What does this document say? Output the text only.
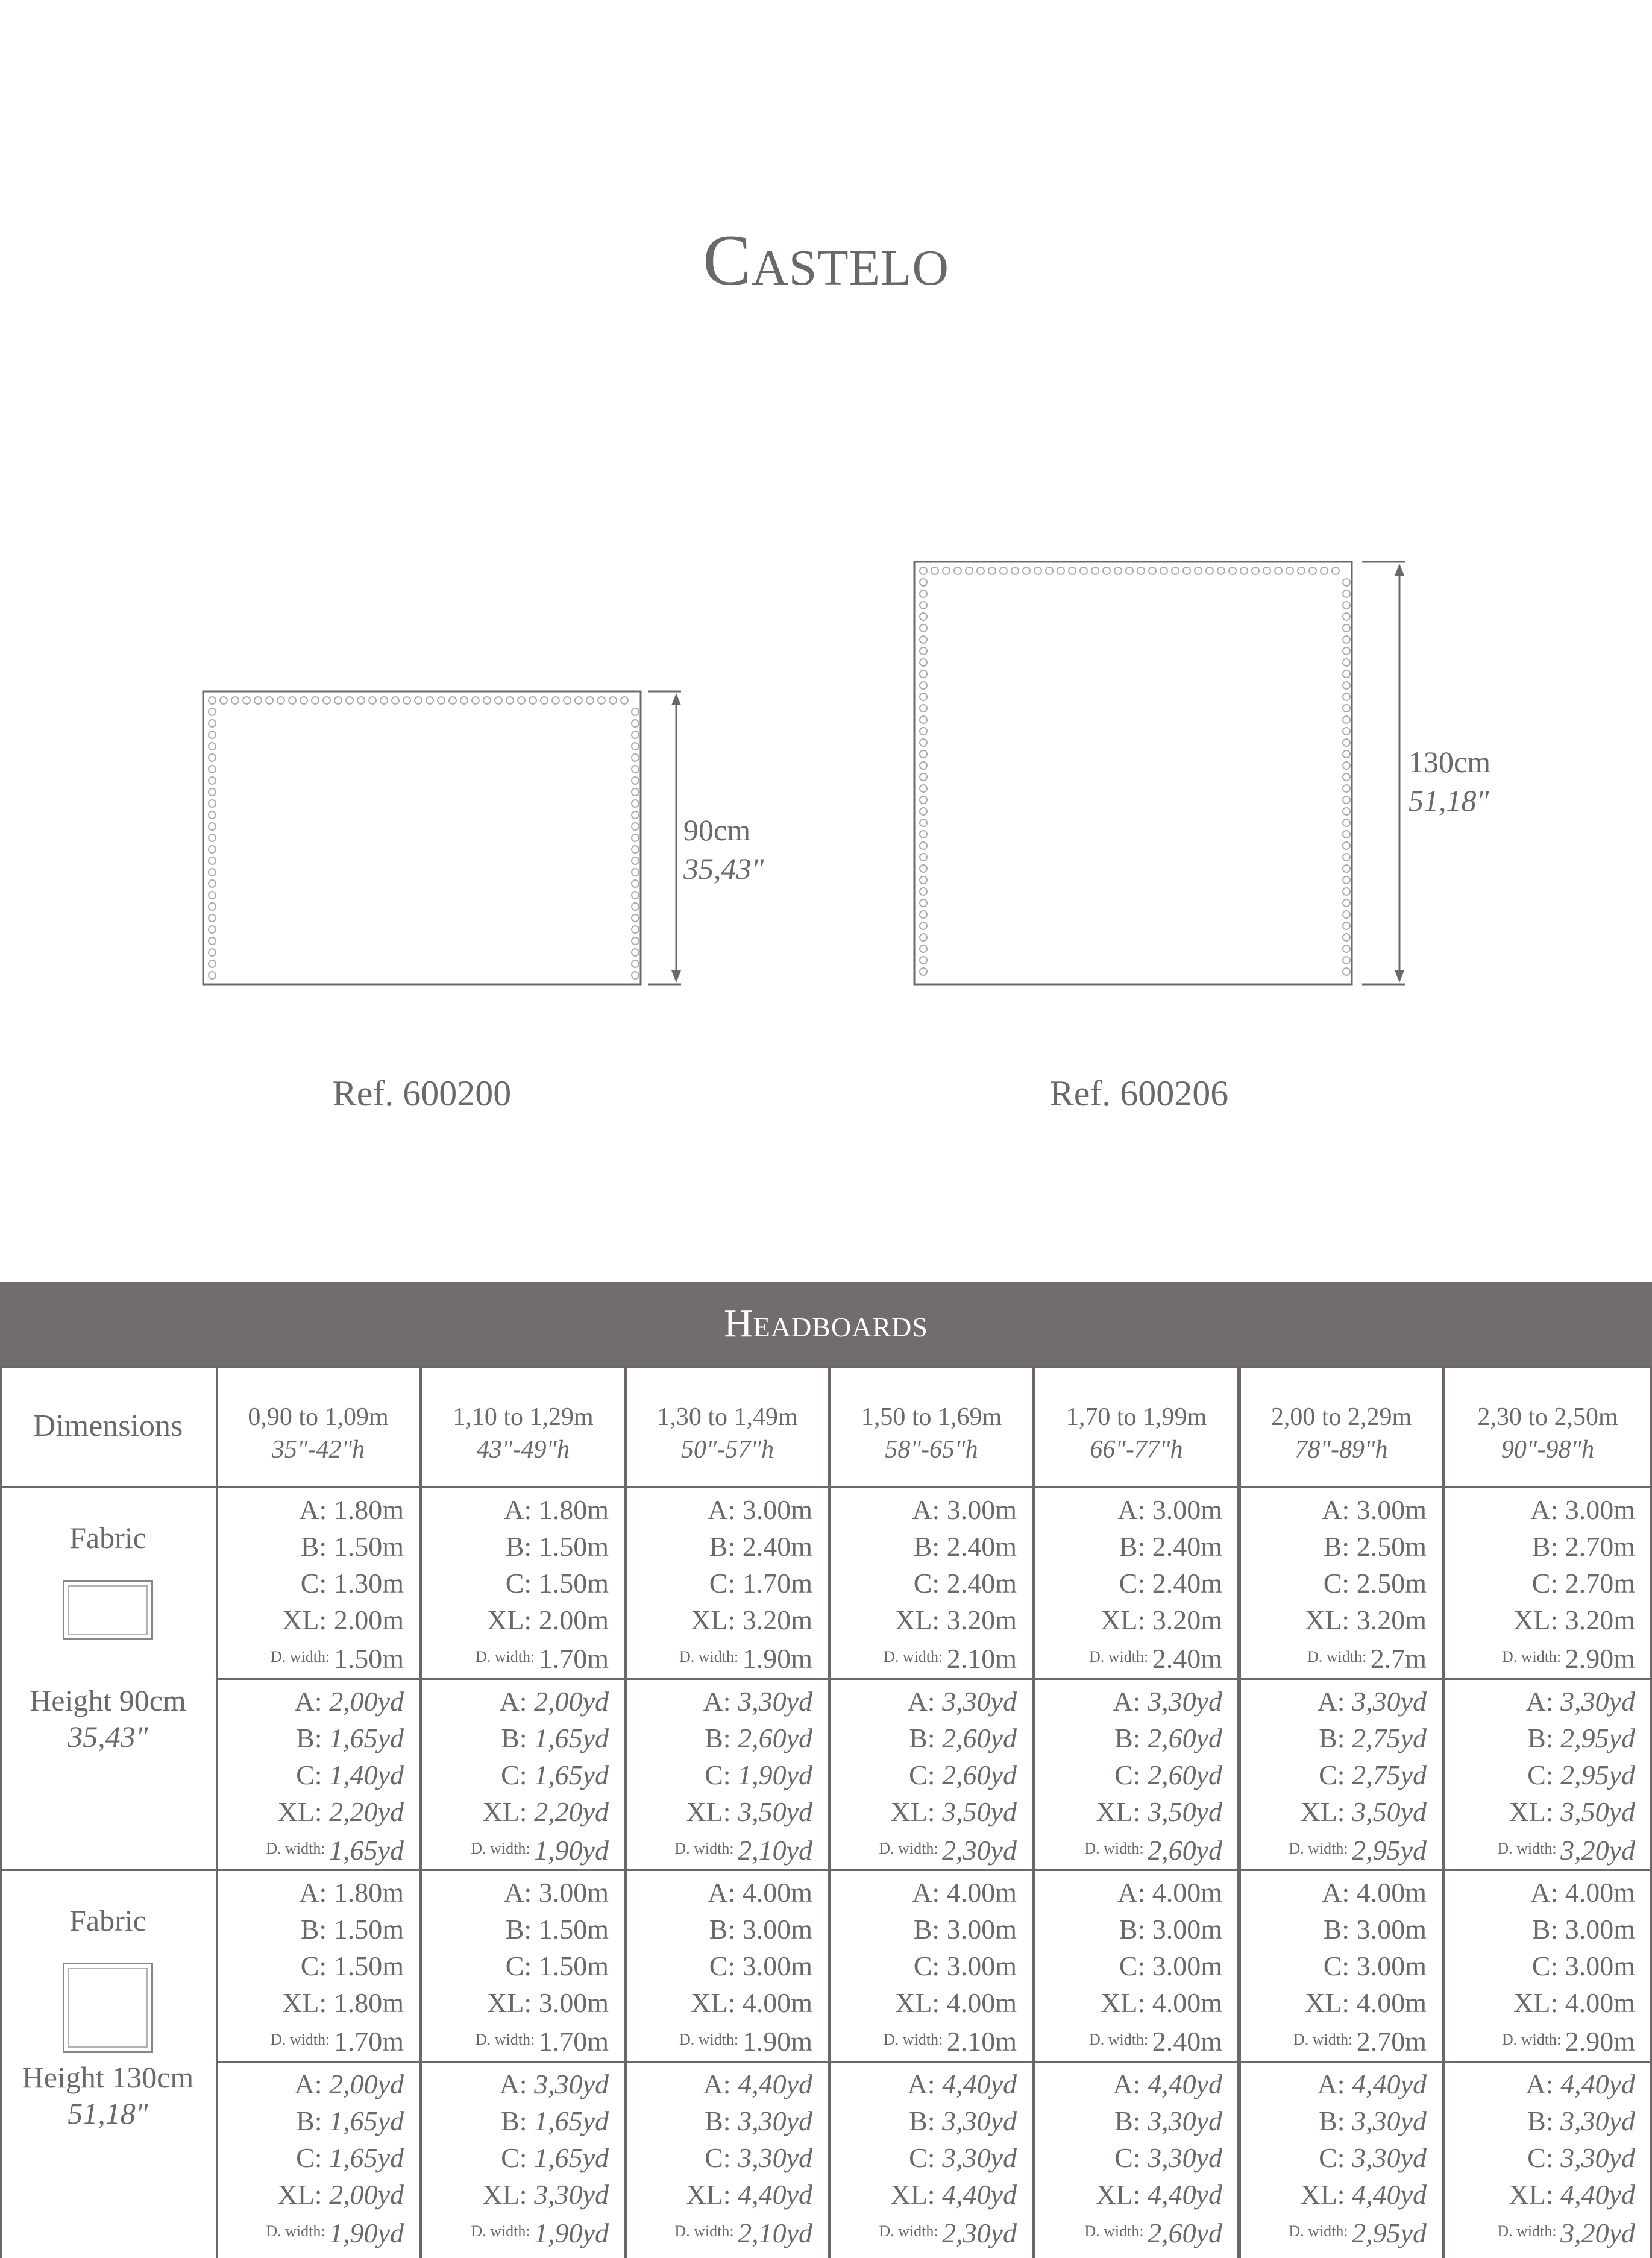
Castelo
90cm
35,43"
Ref. 600200
130cm
51,18"
Ref. 600206
Headboards
Dimensions	0,90 to 1,09m
35"-42"h
1,10 to 1,29m
43"-49"h
1,30 to 1,49m
50"-57"h
1,50 to 1,69m
58"-65"h
1,70 to 1,99m
66"-77"h
2,00 to 2,29m
78"-89"h
2,30 to 2,50m
90"-98"h
Fabric
Height 90cm
35,43"
A: 1.80m
B: 1.50m
C: 1.30m
XL: 2.00m
$^{D. width:}$ 1.50m
A: 1.80m
B: 1.50m
C: 1.50m
XL: 2.00m
$^{D. width:}$ 1.70m
A: 3.00m
B: 2.40m
C: 1.70m
XL: 3.20m
$^{D. width:}$ 1.90m
A: 3.00m
B: 2.40m
C: 2.40m
XL: 3.20m
$^{D. width:}$ 2.10m
A: 3.00m
B: 2.40m
C: 2.40m
XL: 3.20m
$^{D. width:}$ 2.40m
A: 3.00m
B: 2.50m
C: 2.50m
XL: 3.20m
$^{D. width:}$ 2.7m
A: 3.00m
B: 2.70m
C: 2.70m
XL: 3.20m
$^{D. width:}$ 2.90m
A: 2,00yd
B: 1,65yd
C: 1,40yd
XL: 2,20yd
$^{D. width:}$ 1,65yd
A: 2,00yd
B: 1,65yd
C: 1,65yd
XL: 2,20yd
$^{D. width:}$ 1,90yd
A: 3,30yd
B: 2,60yd
C: 1,90yd
XL: 3,50yd
$^{D. width:}$ 2,10yd
A: 3,30yd
B: 2,60yd
C: 2,60yd
XL: 3,50yd
$^{D. width:}$ 2,30yd
A: 3,30yd
B: 2,60yd
C: 2,60yd
XL: 3,50yd
$^{D. width:}$ 2,60yd
A: 3,30yd
B: 2,75yd
C: 2,75yd
XL: 3,50yd
$^{D. width:}$ 2,95yd
A: 3,30yd
B: 2,95yd
C: 2,95yd
XL: 3,50yd
$^{D. width:}$ 3,20yd
Fabric
Height 130cm
51,18"
A: 1.80m
B: 1.50m
C: 1.50m
XL: 1.80m
$^{D. width:}$ 1.70m
A: 3.00m
B: 1.50m
C: 1.50m
XL: 3.00m
$^{D. width:}$ 1.70m
A: 4.00m
B: 3.00m
C: 3.00m
XL: 4.00m
$^{D. width:}$ 1.90m
A: 4.00m
B: 3.00m
C: 3.00m
XL: 4.00m
$^{D. width:}$ 2.10m
A: 4.00m
B: 3.00m
C: 3.00m
XL: 4.00m
$^{D. width:}$ 2.40m
A: 4.00m
B: 3.00m
C: 3.00m
XL: 4.00m
$^{D. width:}$ 2.70m
A: 4.00m
B: 3.00m
C: 3.00m
XL: 4.00m
$^{D. width:}$ 2.90m
A: 2,00yd
B: 1,65yd
C: 1,65yd
XL: 2,00yd
$^{D. width:}$ 1,90yd
A: 3,30yd
B: 1,65yd
C: 1,65yd
XL: 3,30yd
$^{D. width:}$ 1,90yd
A: 4,40yd
B: 3,30yd
C: 3,30yd
XL: 4,40yd
$^{D. width:}$ 2,10yd
A: 4,40yd
B: 3,30yd
C: 3,30yd
XL: 4,40yd
$^{D. width:}$ 2,30yd
A: 4,40yd
B: 3,30yd
C: 3,30yd
XL: 4,40yd
$^{D. width:}$ 2,60yd
A: 4,40yd
B: 3,30yd
C: 3,30yd
XL: 4,40yd
$^{D. width:}$ 2,95yd
A: 4,40yd
B: 3,30yd
C: 3,30yd
XL: 4,40yd
$^{D. width:}$ 3,20yd
